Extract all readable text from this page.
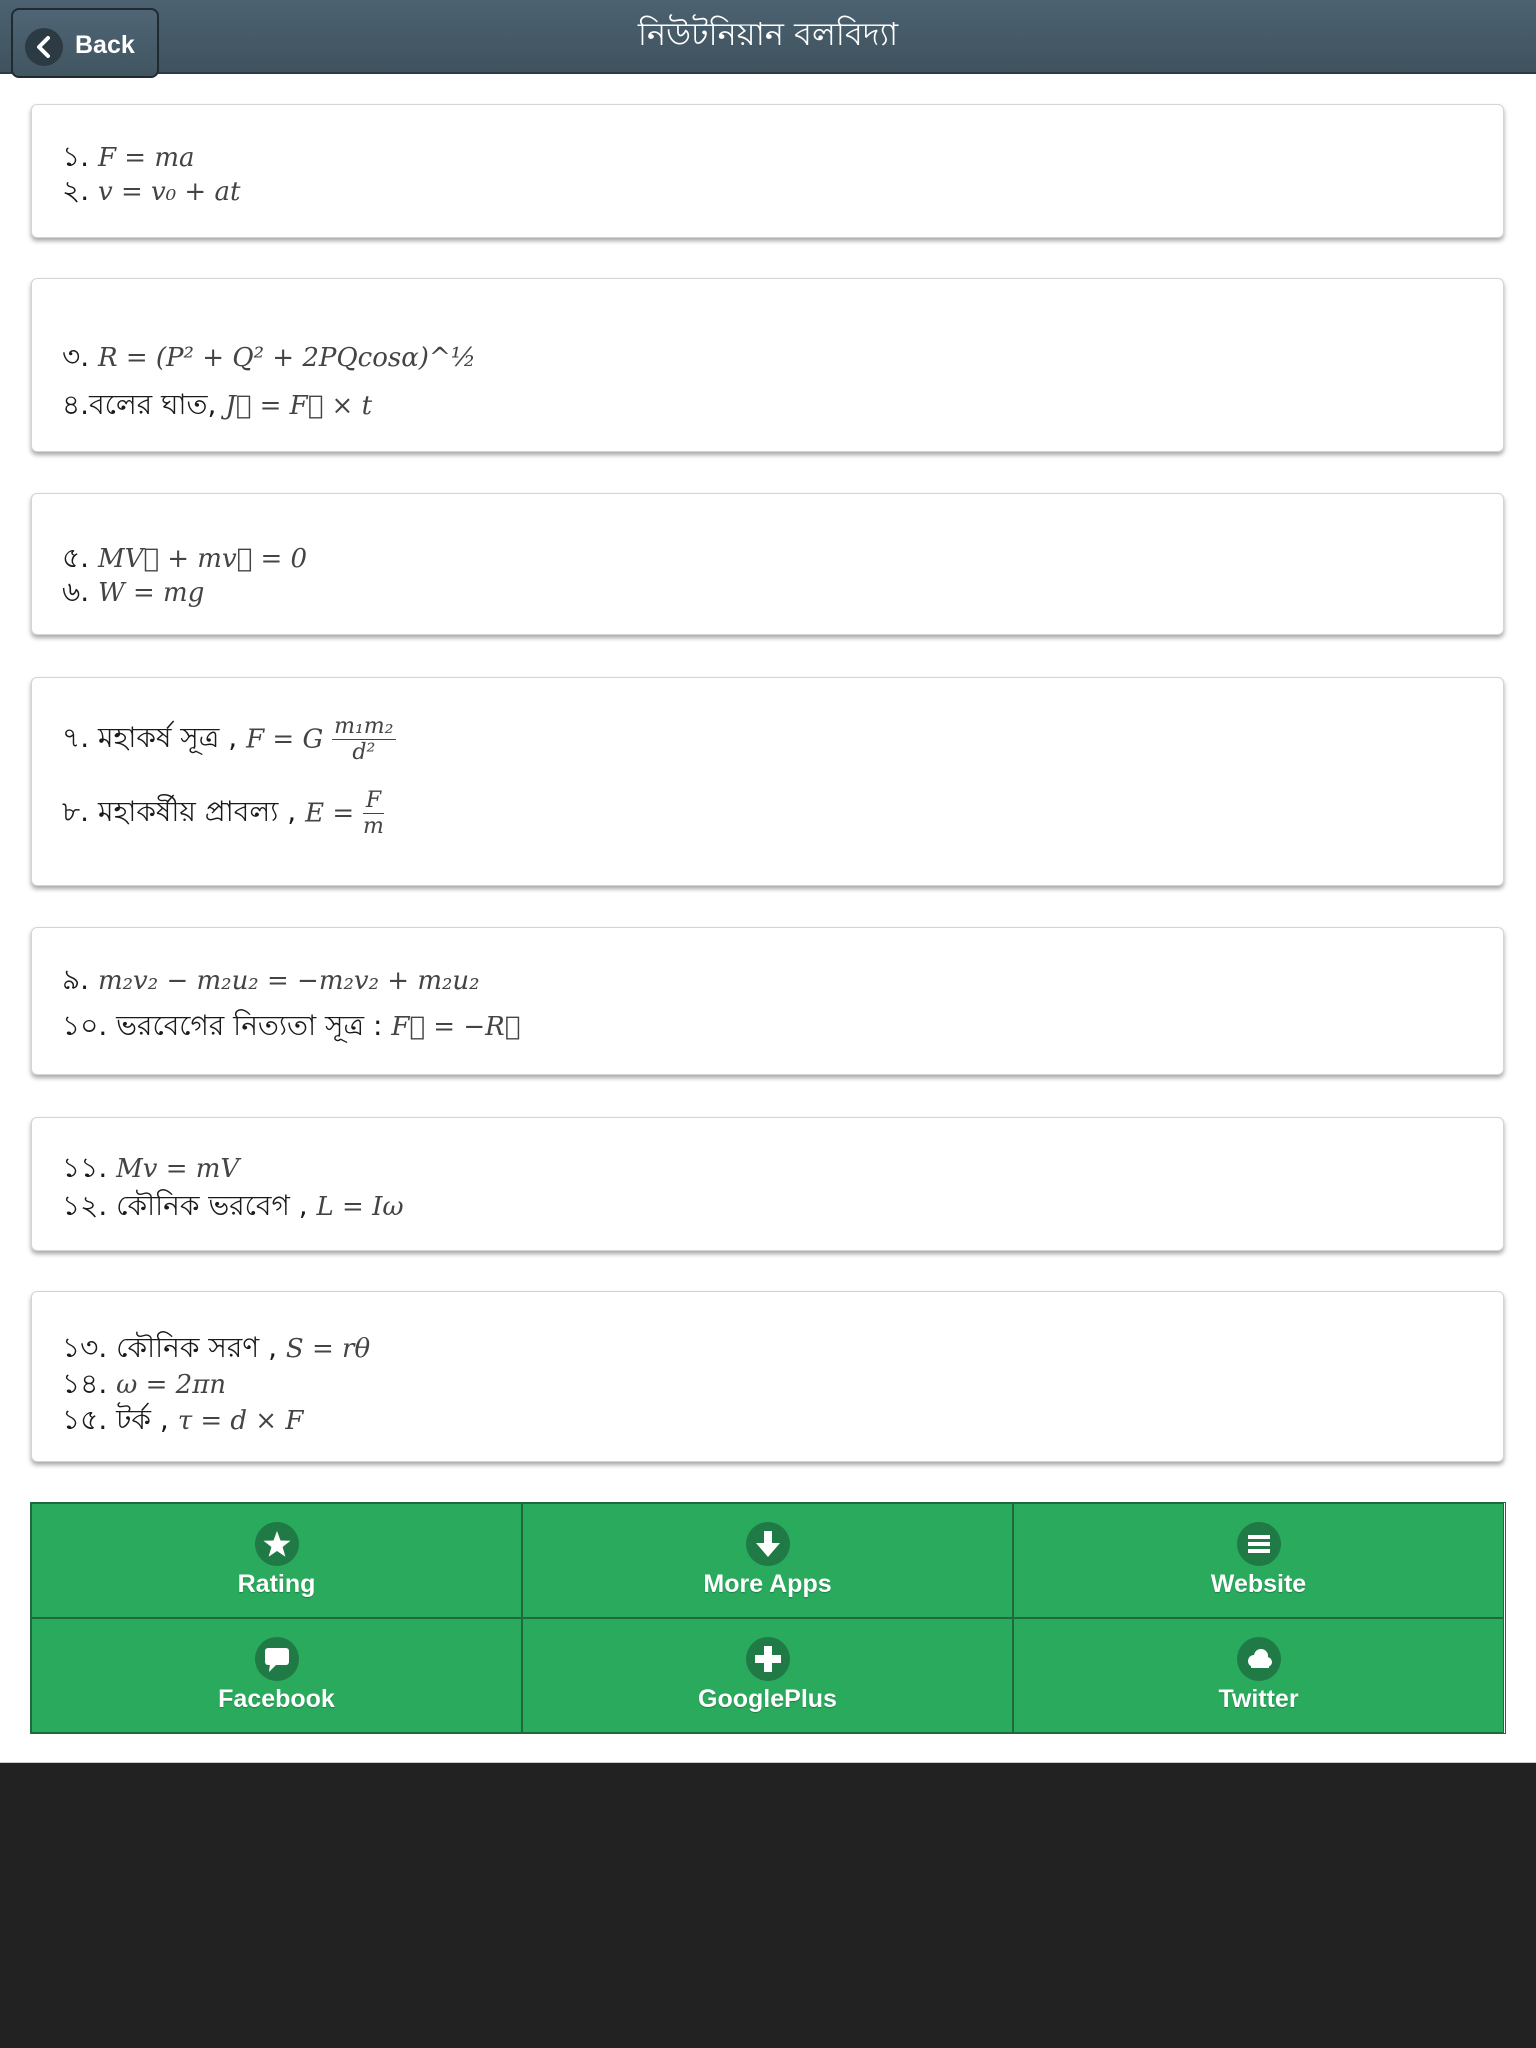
নিউটনিয়ান বলবিদ্যা
Back
১. F = ma
২. v = v₀ + at
৩. R = (P² + Q² + 2PQcosα)^½
৪.বলের ঘাত, J⃗ = F⃗ × t
৫. MV⃗ + mv⃗ = 0
৬. W = mg
৭. মহাকর্ষ সূত্র , F = G $\frac{\text{m₁m₂}}{\text{d²}}$
৮. মহাকর্ষীয় প্রাবল্য , $E = \frac{F}{m}$
৯. m₂v₂ − m₂u₂ = −m₂v₂ + m₂u₂
১০. ভরবেগের নিত্যতা সূত্র : F⃗ = −R⃗
১১. Mv = mV
১২. কৌনিক ভরবেগ , L = Iω
১৩. কৌনিক সরণ , S = rθ
১৪. ω = 2πn
১৫. টর্ক , τ = d × F
Rating	More Apps	Website
Facebook	GooglePlus	Twitter
